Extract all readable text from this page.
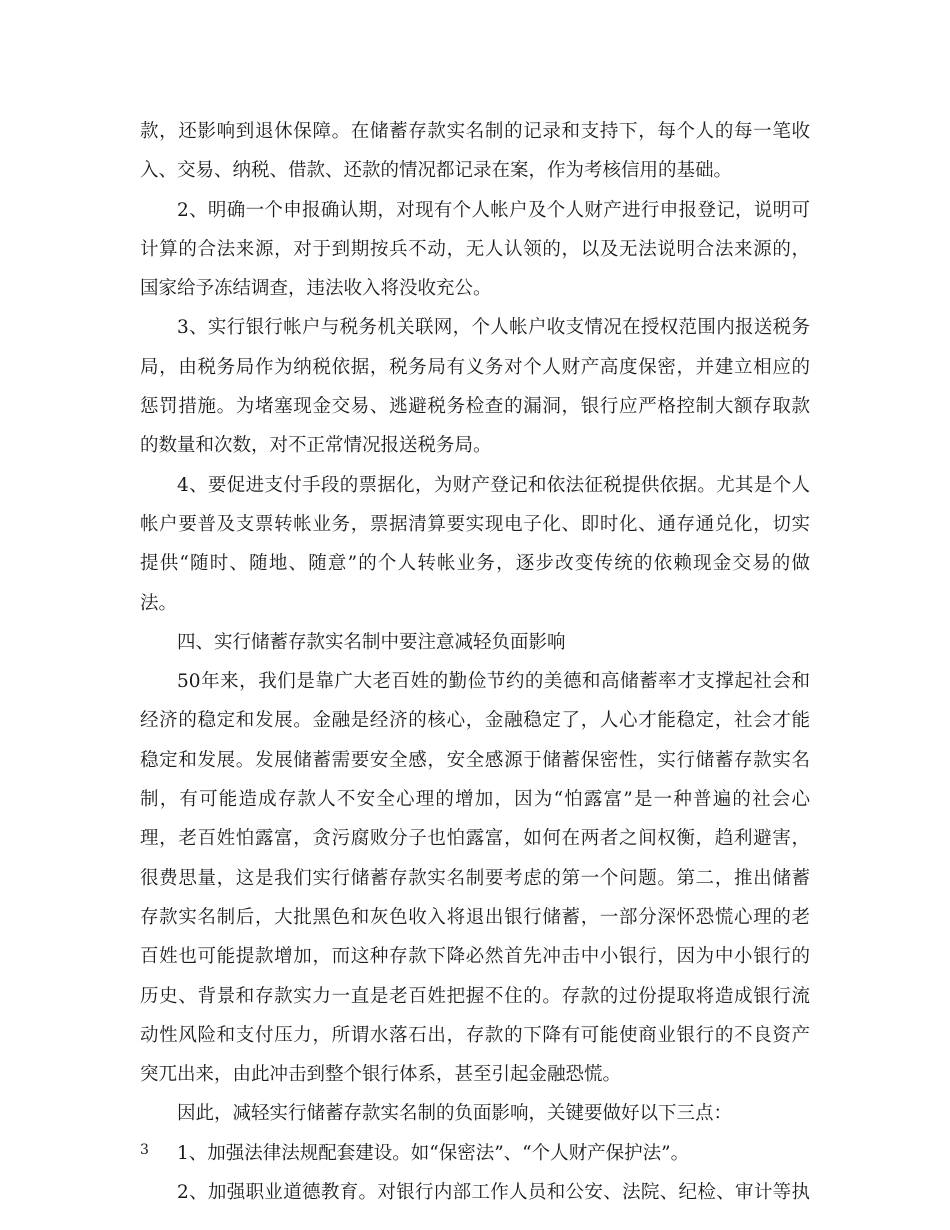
款，还影响到退休保障。在储蓄存款实名制的记录和支持下，每个人的每一笔收
入、交易、纳税、借款、还款的情况都记录在案，作为考核信用的基础。
2、明确一个申报确认期，对现有个人帐户及个人财产进行申报登记，说明可
计算的合法来源，对于到期按兵不动，无人认领的，以及无法说明合法来源的，
国家给予冻结调查，违法收入将没收充公。
3、实行银行帐户与税务机关联网，个人帐户收支情况在授权范围内报送税务
局，由税务局作为纳税依据，税务局有义务对个人财产高度保密，并建立相应的
惩罚措施。为堵塞现金交易、逃避税务检查的漏洞，银行应严格控制大额存取款
的数量和次数，对不正常情况报送税务局。
4、要促进支付手段的票据化，为财产登记和依法征税提供依据。尤其是个人
帐户要普及支票转帐业务，票据清算要实现电子化、即时化、通存通兑化，切实
提供“随时、随地、随意”的个人转帐业务，逐步改变传统的依赖现金交易的做
法。
四、实行储蓄存款实名制中要注意减轻负面影响
50年来，我们是靠广大老百姓的勤俭节约的美德和高储蓄率才支撑起社会和
经济的稳定和发展。金融是经济的核心，金融稳定了，人心才能稳定，社会才能
稳定和发展。发展储蓄需要安全感，安全感源于储蓄保密性，实行储蓄存款实名
制，有可能造成存款人不安全心理的增加，因为“怕露富”是一种普遍的社会心
理，老百姓怕露富，贪污腐败分子也怕露富，如何在两者之间权衡，趋利避害，
很费思量，这是我们实行储蓄存款实名制要考虑的第一个问题。第二，推出储蓄
存款实名制后，大批黑色和灰色收入将退出银行储蓄，一部分深怀恐慌心理的老
百姓也可能提款增加，而这种存款下降必然首先冲击中小银行，因为中小银行的
历史、背景和存款实力一直是老百姓把握不住的。存款的过份提取将造成银行流
动性风险和支付压力，所谓水落石出，存款的下降有可能使商业银行的不良资产
突兀出来，由此冲击到整个银行体系，甚至引起金融恐慌。
因此，减轻实行储蓄存款实名制的负面影响，关键要做好以下三点：
1、加强法律法规配套建设。如“保密法”、“个人财产保护法”。
2、加强职业道德教育。对银行内部工作人员和公安、法院、纪检、审计等执
3
